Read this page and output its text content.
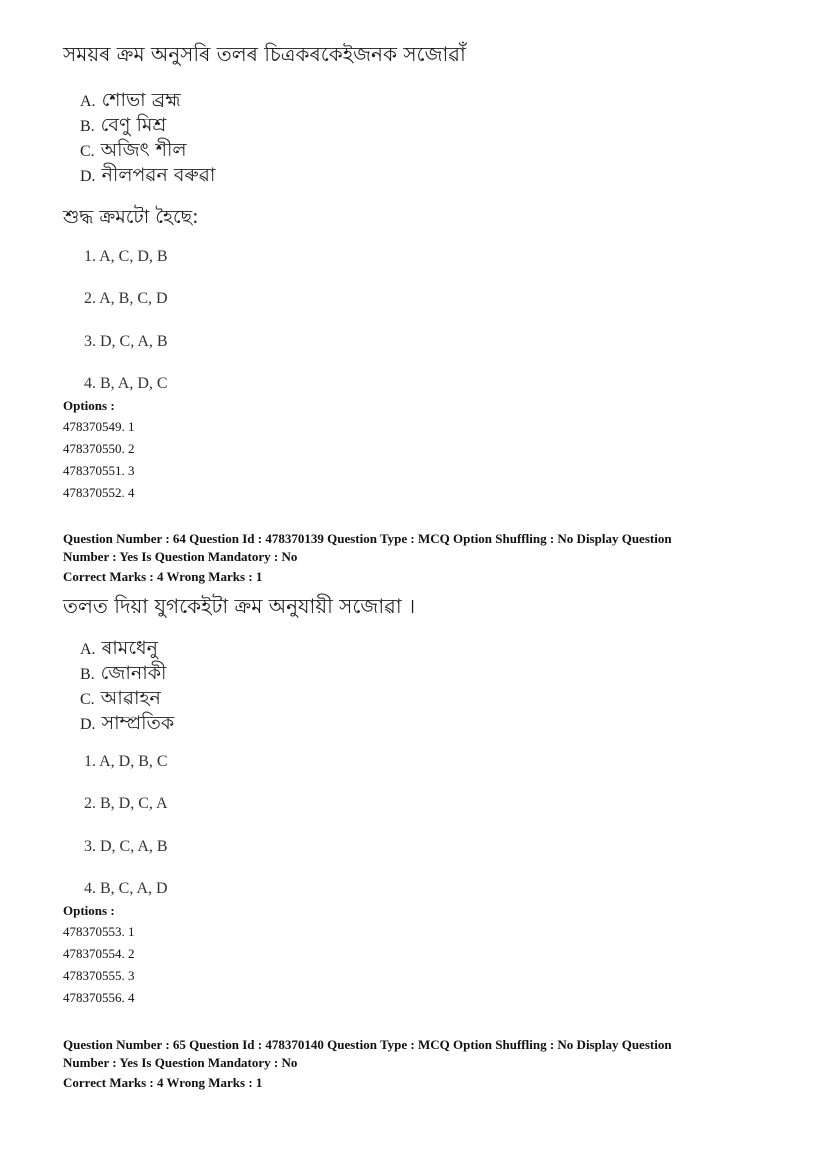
সময়ৰ ক্ৰম অনুসৰি তলৰ চিত্ৰকৰকেইজনক সজোৱাঁ
A. শোভা ব্ৰহ্ম
B. বেণু মিশ্ৰ
C. অজিৎ শীল
D. নীলপৱন বৰুৱা
শুদ্ধ ক্ৰমটো হৈছে:
1. A, C, D, B
2. A, B, C, D
3. D, C, A, B
4. B, A, D, C
Options :
478370549. 1
478370550. 2
478370551. 3
478370552. 4
Question Number : 64 Question Id : 478370139 Question Type : MCQ Option Shuffling : No Display Question
Number : Yes Is Question Mandatory : No
Correct Marks : 4 Wrong Marks : 1
তলত দিয়া যুগকেইটা ক্ৰম অনুযায়ী সজোৱা ।
A. ৰামধেনু
B. জোনাকী
C. আৱাহন
D. সাম্প্ৰতিক
1. A, D, B, C
2. B, D, C, A
3. D, C, A, B
4. B, C, A, D
Options :
478370553. 1
478370554. 2
478370555. 3
478370556. 4
Question Number : 65 Question Id : 478370140 Question Type : MCQ Option Shuffling : No Display Question
Number : Yes Is Question Mandatory : No
Correct Marks : 4 Wrong Marks : 1
